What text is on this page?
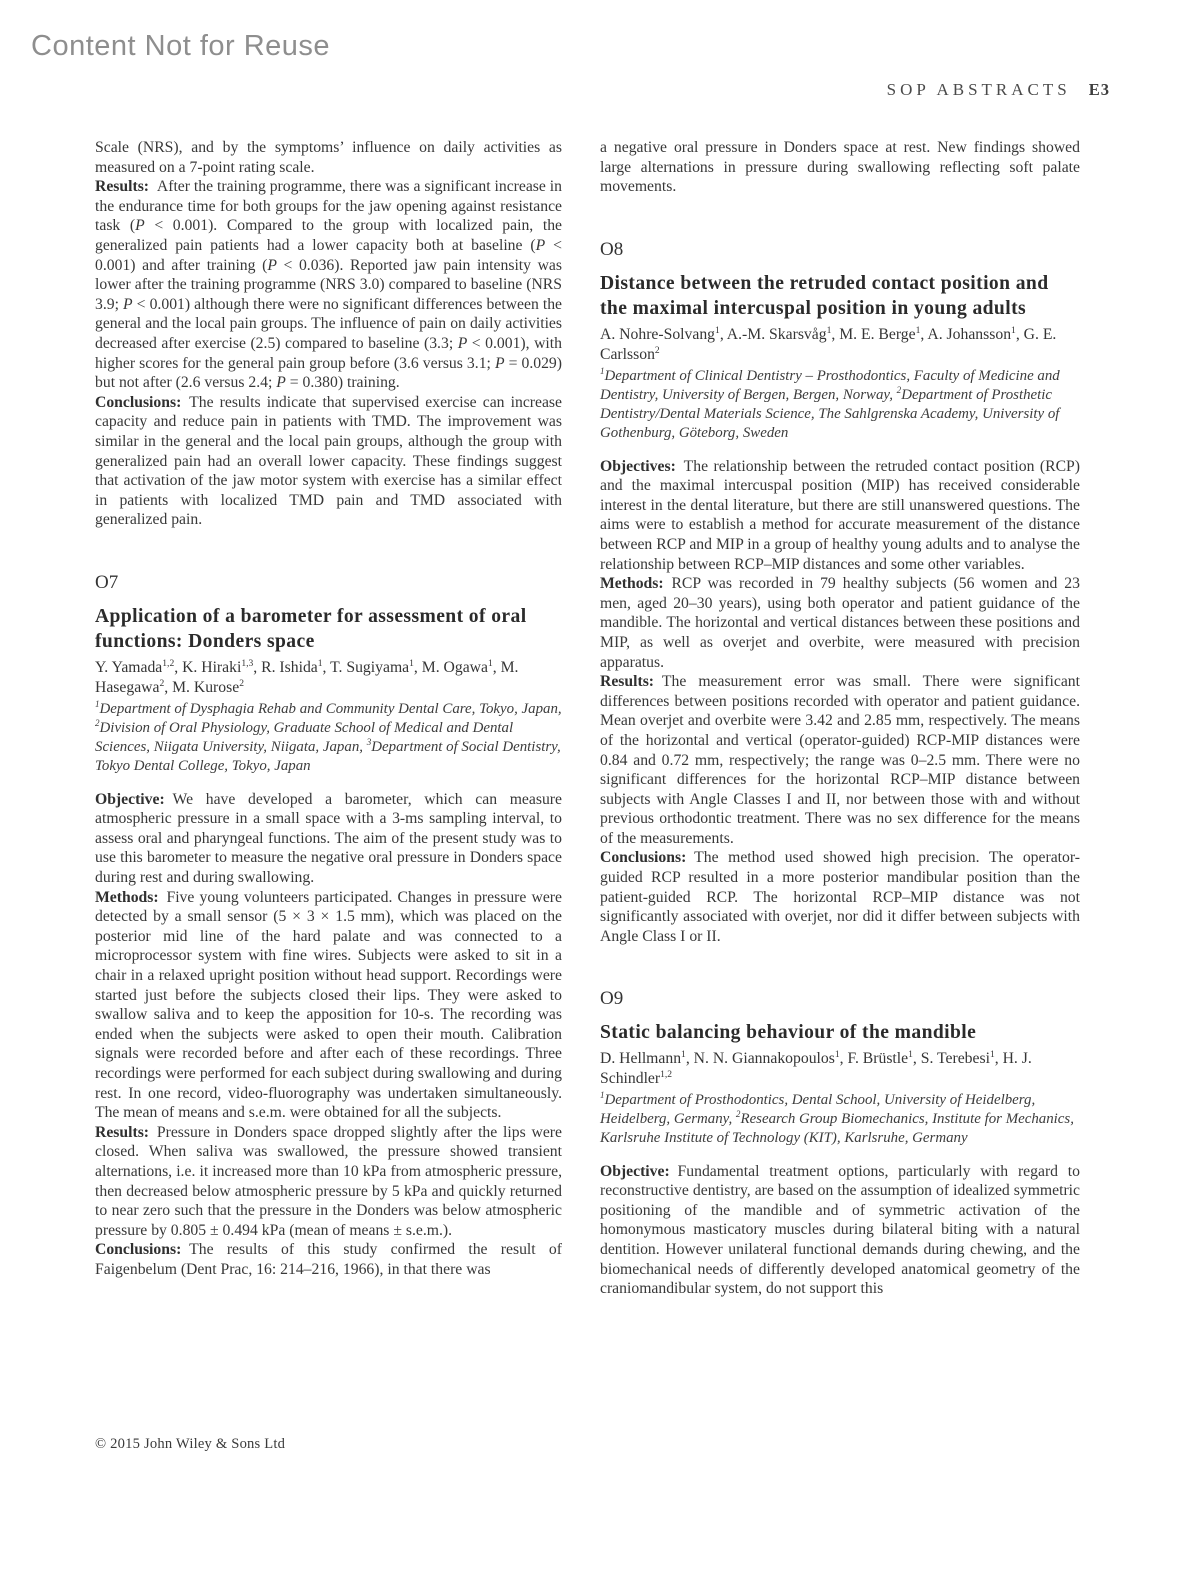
Content Not for Reuse
SOP ABSTRACTS E3

Scale (NRS), and by the symptoms’ influence on daily activities as measured on a 7-point rating scale.

Results:  After the training programme, there was a significant increase in the endurance time for both groups for the jaw opening against resistance task (P < 0.001). Compared to the group with localized pain, the generalized pain patients had a lower capacity both at baseline (P < 0.001) and after training (P < 0.036). Reported jaw pain intensity was lower after the training programme (NRS 3.0) compared to baseline (NRS 3.9; P < 0.001) although there were no significant differences between the general and the local pain groups. The influence of pain on daily activities decreased after exercise (2.5) compared to baseline (3.3; P < 0.001), with higher scores for the general pain group before (3.6 versus 3.1; P = 0.029) but not after (2.6 versus 2.4; P = 0.380) training.

Conclusions:  The results indicate that supervised exercise can increase capacity and reduce pain in patients with TMD. The improvement was similar in the general and the local pain groups, although the group with generalized pain had an overall lower capacity. These findings suggest that activation of the jaw motor system with exercise has a similar effect in patients with localized TMD pain and TMD associated with generalized pain.

O7
Application of a barometer for assessment of oral functions: Donders space

Y. Yamada$^{1,2}$, K. Hiraki$^{1,3}$, R. Ishida$^1$, T. Sugiyama$^1$, M. Ogawa$^1$, M. Hasegawa$^2$, M. Kurose$^2$

$^1$Department of Dysphagia Rehab and Community Dental Care, Tokyo, Japan, $^2$Division of Oral Physiology, Graduate School of Medical and Dental Sciences, Niigata University, Niigata, Japan, $^3$Department of Social Dentistry, Tokyo Dental College, Tokyo, Japan

Objective:  We have developed a barometer, which can measure atmospheric pressure in a small space with a 3-ms sampling interval, to assess oral and pharyngeal functions. The aim of the present study was to use this barometer to measure the negative oral pressure in Donders space during rest and during swallowing.

Methods:  Five young volunteers participated. Changes in pressure were detected by a small sensor (5 × 3 × 1.5 mm), which was placed on the posterior mid line of the hard palate and was connected to a microprocessor system with fine wires. Subjects were asked to sit in a chair in a relaxed upright position without head support. Recordings were started just before the subjects closed their lips. They were asked to swallow saliva and to keep the apposition for 10-s. The recording was ended when the subjects were asked to open their mouth. Calibration signals were recorded before and after each of these recordings. Three recordings were performed for each subject during swallowing and during rest. In one record, video-fluorography was undertaken simultaneously. The mean of means and s.e.m. were obtained for all the subjects.

Results:  Pressure in Donders space dropped slightly after the lips were closed. When saliva was swallowed, the pressure showed transient alternations, i.e. it increased more than 10 kPa from atmospheric pressure, then decreased below atmospheric pressure by 5 kPa and quickly returned to near zero such that the pressure in the Donders was below atmospheric pressure by 0.805 ± 0.494 kPa (mean of means ± s.e.m.).

Conclusions:  The results of this study confirmed the result of Faigenbelum (Dent Prac, 16: 214–216, 1966), in that there was

a negative oral pressure in Donders space at rest. New findings showed large alternations in pressure during swallowing reflecting soft palate movements.

O8
Distance between the retruded contact position and the maximal intercuspal position in young adults

A. Nohre-Solvang$^1$, A.-M. Skarsvåg$^1$, M. E. Berge$^1$, A. Johansson$^1$, G. E. Carlsson$^2$

$^1$Department of Clinical Dentistry – Prosthodontics, Faculty of Medicine and Dentistry, University of Bergen, Bergen, Norway, $^2$Department of Prosthetic Dentistry/Dental Materials Science, The Sahlgrenska Academy, University of Gothenburg, Göteborg, Sweden

Objectives:  The relationship between the retruded contact position (RCP) and the maximal intercuspal position (MIP) has received considerable interest in the dental literature, but there are still unanswered questions. The aims were to establish a method for accurate measurement of the distance between RCP and MIP in a group of healthy young adults and to analyse the relationship between RCP–MIP distances and some other variables.

Methods:  RCP was recorded in 79 healthy subjects (56 women and 23 men, aged 20–30 years), using both operator and patient guidance of the mandible. The horizontal and vertical distances between these positions and MIP, as well as overjet and overbite, were measured with precision apparatus.

Results:  The measurement error was small. There were significant differences between positions recorded with operator and patient guidance. Mean overjet and overbite were 3.42 and 2.85 mm, respectively. The means of the horizontal and vertical (operator-guided) RCP-MIP distances were 0.84 and 0.72 mm, respectively; the range was 0–2.5 mm. There were no significant differences for the horizontal RCP–MIP distance between subjects with Angle Classes I and II, nor between those with and without previous orthodontic treatment. There was no sex difference for the means of the measurements.

Conclusions:  The method used showed high precision. The operator-guided RCP resulted in a more posterior mandibular position than the patient-guided RCP. The horizontal RCP–MIP distance was not significantly associated with overjet, nor did it differ between subjects with Angle Class I or II.

O9
Static balancing behaviour of the mandible

D. Hellmann$^1$, N. N. Giannakopoulos$^1$, F. Brüstle$^1$, S. Terebesi$^1$, H. J. Schindler$^{1,2}$

$^1$Department of Prosthodontics, Dental School, University of Heidelberg, Heidelberg, Germany, $^2$Research Group Biomechanics, Institute for Mechanics, Karlsruhe Institute of Technology (KIT), Karlsruhe, Germany

Objective:  Fundamental treatment options, particularly with regard to reconstructive dentistry, are based on the assumption of idealized symmetric positioning of the mandible and of symmetric activation of the homonymous masticatory muscles during bilateral biting with a natural dentition. However unilateral functional demands during chewing, and the biomechanical needs of differently developed anatomical geometry of the craniomandibular system, do not support this

© 2015 John Wiley & Sons Ltd
